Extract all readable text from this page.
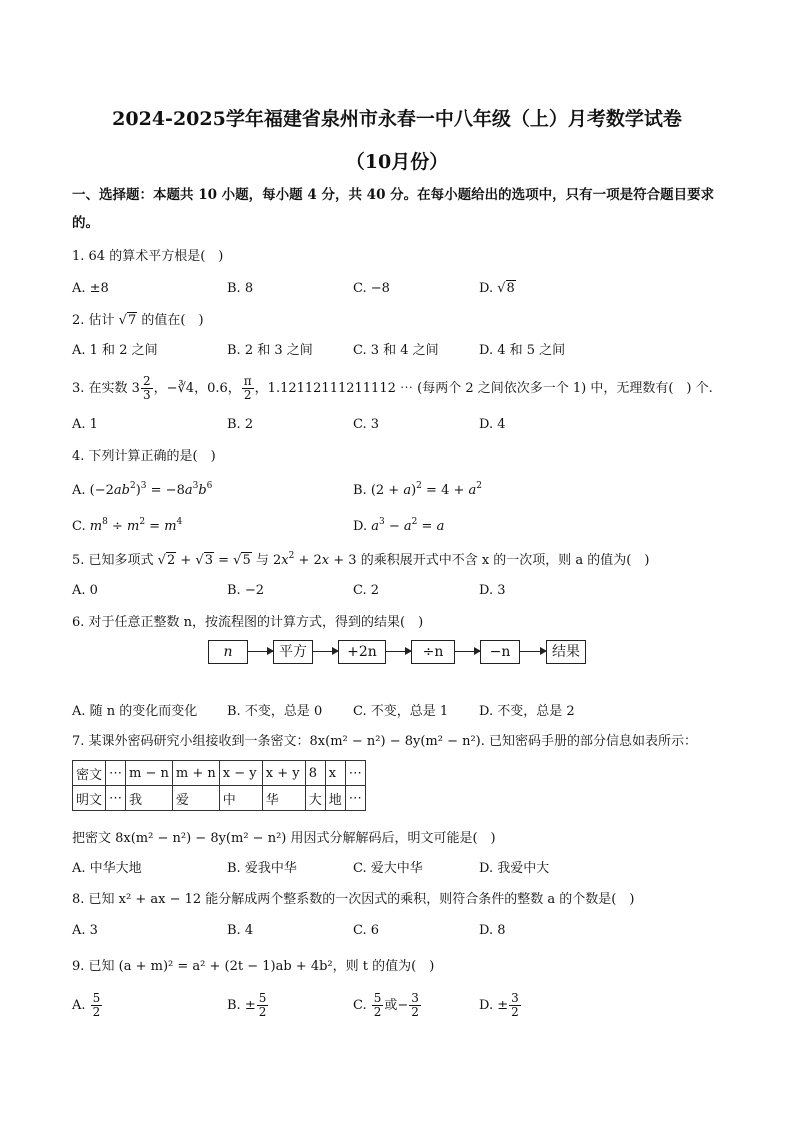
2024-2025学年福建省泉州市永春一中八年级（上）月考数学试卷
（10月份）
一、选择题：本题共 10 小题，每小题 4 分，共 40 分。在每小题给出的选项中，只有一项是符合题目要求
的。
1. 64 的算术平方根是(　)
A. ±8	B. 8	C. −8	D. √8
2. 估计 √7 的值在(　)
A. 1 和 2 之间	B. 2 和 3 之间	C. 3 和 4 之间	D. 4 和 5 之间
3. 在实数 $3 \frac{2}{3}$ ，−∛4，0.6， $\frac{\pi}{2}$ ，1.12112111211112 ⋯ (每两个 2 之间依次多一个 1) 中，无理数有(　) 个.
A. 1	B. 2	C. 3	D. 4
4. 下列计算正确的是(　)
A. $(-2ab^2)^3 = -8a^3b^6$	B. $(2 + a)^2 = 4 + a^2$
C. $m^8 \div m^2 = m^4$	D. $a^3 - a^2 = a$
5. 已知多项式 √2 + √3 = √5 与 $2x^2 + 2x + 3$ 的乘积展开式中不含 x 的一次项，则 a 的值为(　)
A. 0	B. −2	C. 2	D. 3
6. 对于任意正整数 n，按流程图的计算方式，得到的结果(　)
n	平方	+2n	÷n	−n	结果
A. 随 n 的变化而变化 B. 不变，总是 0 C. 不变，总是 1 D. 不变，总是 2
7. 某课外密码研究小组接收到一条密文：8x(m² − n²) − 8y(m² − n²). 已知密码手册的部分信息如表所示：
密文	⋯	m − n	m + n	x − y	x + y	8	x	⋯
明文	⋯	我	爱	中	华	大	地	⋯
把密文 8x(m² − n²) − 8y(m² − n²) 用因式分解解码后，明文可能是(　)
A. 中华大地	B. 爱我中华	C. 爱大中华	D. 我爱中大
8. 已知 x² + ax − 12 能分解成两个整系数的一次因式的乘积，则符合条件的整数 a 的个数是(　)
A. 3	B. 4	C. 6	D. 8
9. 已知 (a + m)² = a² + (2t − 1)ab + 4b²，则 t 的值为(　)
A. $\frac{5}{2}$	B. ± $\frac{5}{2}$	C. $\frac{5}{2}$ 或− $\frac{3}{2}$	D. ± $\frac{3}{2}$
